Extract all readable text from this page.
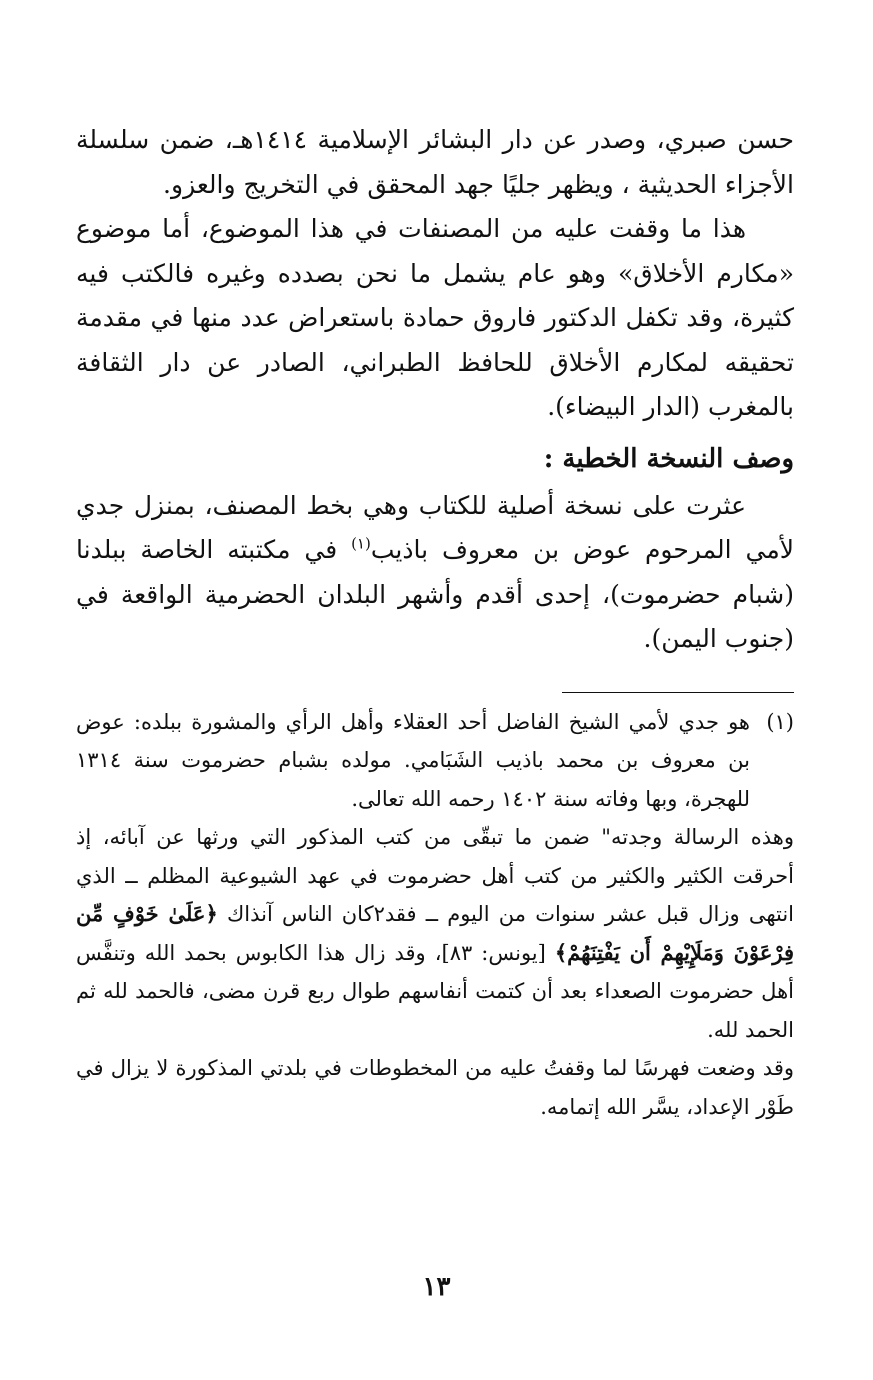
حسن صبري، وصدر عن دار البشائر الإسلامية ١٤١٤هـ، ضمن سلسلة الأجزاء الحديثية ، ويظهر جليًا جهد المحقق في التخريج والعزو.

هذا ما وقفت عليه من المصنفات في هذا الموضوع، أما موضوع «مكارم الأخلاق» وهو عام يشمل ما نحن بصدده وغيره فالكتب فيه كثيرة، وقد تكفل الدكتور فاروق حمادة باستعراض عدد منها في مقدمة تحقيقه لمكارم الأخلاق للحافظ الطبراني، الصادر عن دار الثقافة بالمغرب (الدار البيضاء).

وصف النسخة الخطية :

عثرت على نسخة أصلية للكتاب وهي بخط المصنف، بمنزل جدي لأمي المرحوم عوض بن معروف باذيب$^{(١)}$ في مكتبته الخاصة ببلدنا (شبام حضرموت)، إحدى أقدم وأشهر البلدان الحضرمية الواقعة في (جنوب اليمن).

(١)

هو جدي لأمي الشيخ الفاضل أحد العقلاء وأهل الرأي والمشورة ببلده: عوض بن معروف بن محمد باذيب الشَبَامي. مولده بشبام حضرموت سنة ١٣١٤ للهجرة، وبها وفاته سنة ١٤٠٢ رحمه الله تعالى.

وهذه الرسالة وجدته" ضمن ما تبقّى من كتب المذكور التي ورثها عن آبائه، إذ أحرقت الكثير والكثير من كتب أهل حضرموت في عهد الشيوعية المظلم ــ الذي انتهى وزال قبل عشر سنوات من اليوم ــ فقد٢كان الناس آنذاك ﴿عَلَىٰ خَوْفٍ مِّن فِرْعَوْنَ وَمَلَإِيْهِمْ أَن يَفْتِنَهُمْ﴾ [يونس: ٨٣]، وقد زال هذا الكابوس بحمد الله وتنفَّس أهل حضرموت الصعداء بعد أن كتمت أنفاسهم طوال ربع قرن مضى، فالحمد لله ثم الحمد لله.

وقد وضعت فهرسًا لما وقفتُ عليه من المخطوطات في بلدتي المذكورة لا يزال في طَوْر الإعداد، يسَّر الله إتمامه.

١٣
